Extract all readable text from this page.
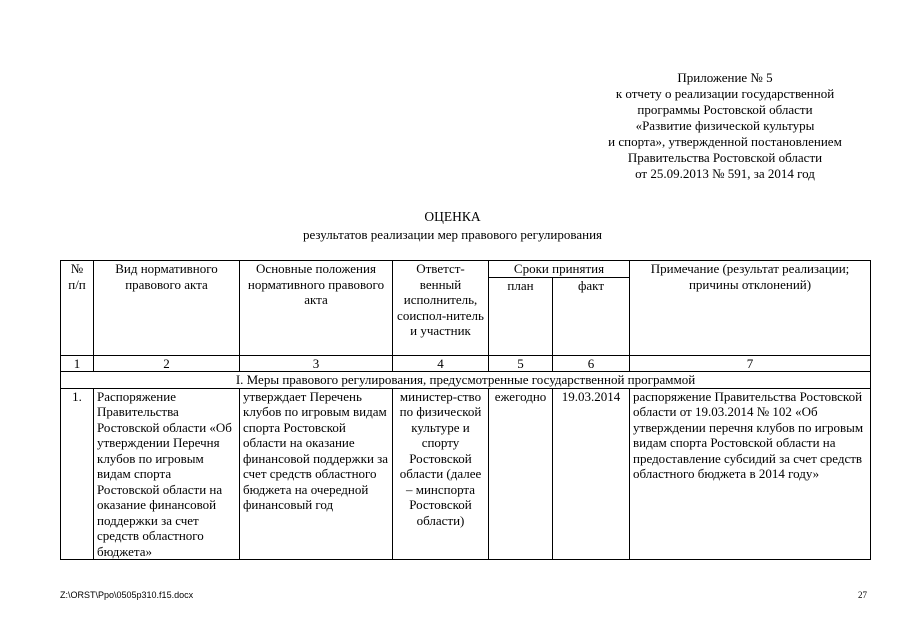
Приложение № 5
к отчету о реализации государственной
программы Ростовской области
«Развитие физической культуры
и спорта», утвержденной постановлением
Правительства Ростовской области
от 25.09.2013 № 591, за 2014 год
ОЦЕНКА
результатов реализации мер правового регулирования
№ п/п	Вид нормативного правового акта	Основные положения нормативного правового акта	Ответст-венный исполнитель, соиспол-нитель и участник	Сроки принятия		Примечание (результат реализации; причины отклонений)
				план	факт	
1	2	3	4	5	6	7
I. Меры правового регулирования, предусмотренные государственной программой						
1.	Распоряжение Правительства Ростовской области «Об утверждении Перечня клубов по игровым видам спорта Ростовской области на оказание финансовой поддержки за счет средств областного бюджета»	утверждает Перечень клубов по игровым видам спорта Ростовской области на оказание финансовой поддержки за счет средств областного бюджета на очередной финансовый год	министер-ство по физической культуре и спорту Ростовской области (далее – минспорта Ростовской области)	ежегодно	19.03.2014	распоряжение Правительства Ростовской области от 19.03.2014 № 102 «Об утверждении перечня клубов по игровым видам спорта Ростовской области на предоставление субсидий за счет средств областного бюджета в 2014 году»
Z:\ORST\Ppo\0505p310.f15.docx	27
